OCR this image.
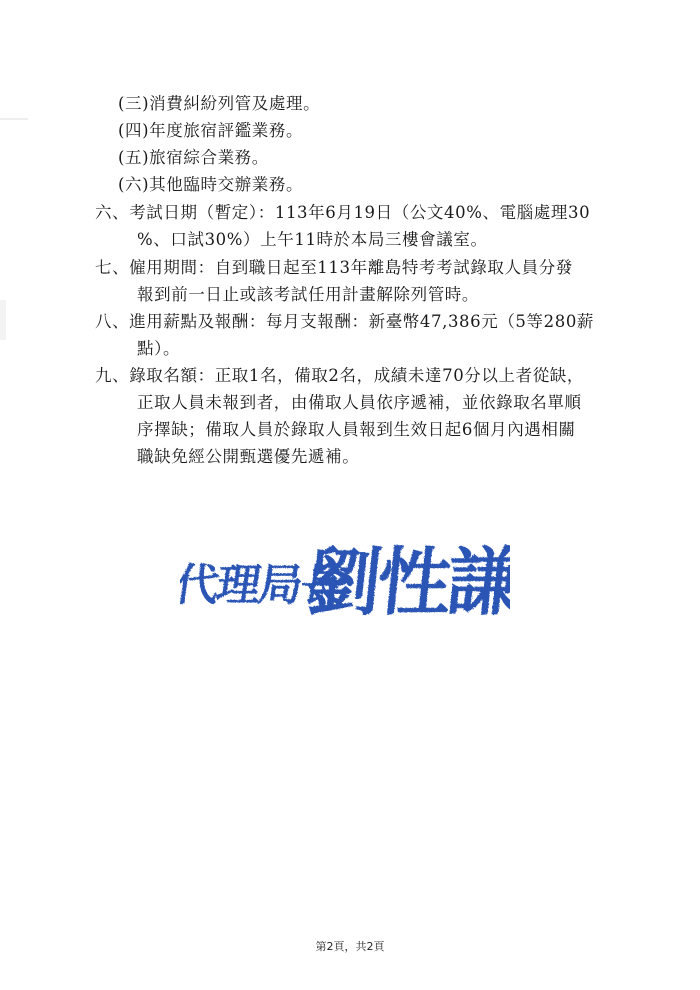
(三)消費糾紛列管及處理。
(四)年度旅宿評鑑業務。
(五)旅宿綜合業務。
(六)其他臨時交辦業務。
六、考試日期（暫定）：113年6月19日（公文40%、電腦處理30
%、口試30%）上午11時於本局三樓會議室。
七、僱用期間：自到職日起至113年離島特考考試錄取人員分發
報到前一日止或該考試任用計畫解除列管時。
八、進用薪點及報酬：每月支報酬：新臺幣47,386元（5等280薪
點）。
九、錄取名額：正取1名，備取2名，成績未達70分以上者從缺，
正取人員未報到者，由備取人員依序遞補，並依錄取名單順
序擇缺；備取人員於錄取人員報到生效日起6個月內遇相關
職缺免經公開甄選優先遞補。
代理局長
劉性謙
第2頁，共2頁
